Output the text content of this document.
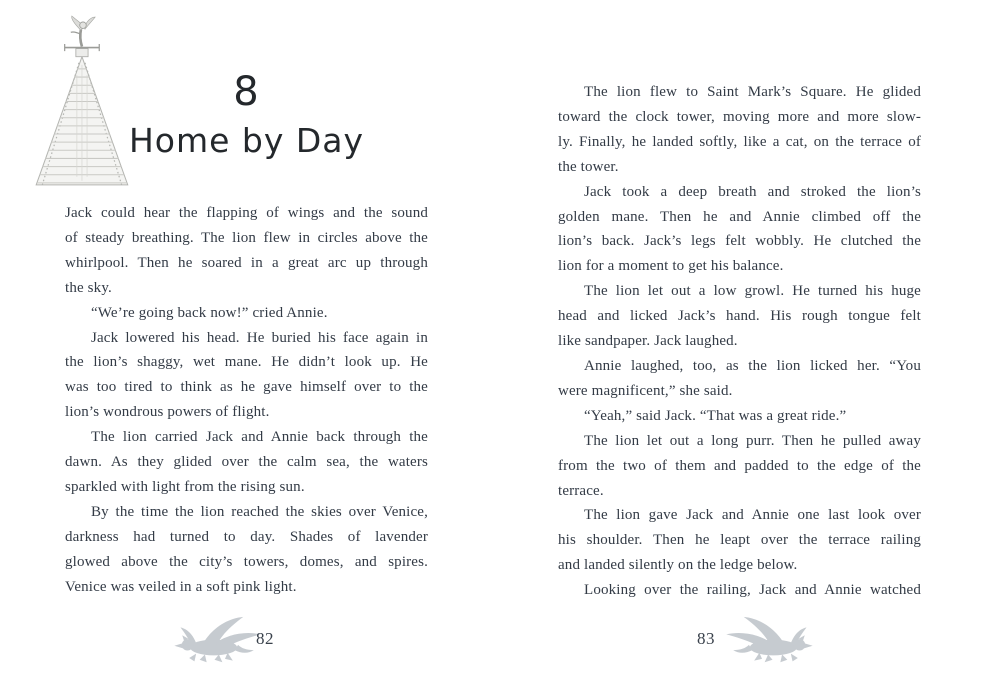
8
Home by Day
Jack could hear the flapping of wings and the sound
of steady breathing. The lion flew in circles above the
whirlpool. Then he soared in a great arc up through
the sky.
“We’re going back now!” cried Annie.
Jack lowered his head. He buried his face again in
the lion’s shaggy, wet mane. He didn’t look up. He
was too tired to think as he gave himself over to the
lion’s wondrous powers of flight.
The lion carried Jack and Annie back through the
dawn. As they glided over the calm sea, the waters
sparkled with light from the rising sun.
By the time the lion reached the skies over Venice,
darkness had turned to day. Shades of lavender
glowed above the city’s towers, domes, and spires.
Venice was veiled in a soft pink light.
The lion flew to Saint Mark’s Square. He glided
toward the clock tower, moving more and more slow-
ly. Finally, he landed softly, like a cat, on the terrace of
the tower.
Jack took a deep breath and stroked the lion’s
golden mane. Then he and Annie climbed off the
lion’s back. Jack’s legs felt wobbly. He clutched the
lion for a moment to get his balance.
The lion let out a low growl. He turned his huge
head and licked Jack’s hand. His rough tongue felt
like sandpaper. Jack laughed.
Annie laughed, too, as the lion licked her. “You
were magnificent,” she said.
“Yeah,” said Jack. “That was a great ride.”
The lion let out a long purr. Then he pulled away
from the two of them and padded to the edge of the
terrace.
The lion gave Jack and Annie one last look over
his shoulder. Then he leapt over the terrace railing
and landed silently on the ledge below.
Looking over the railing, Jack and Annie watched
82	83
